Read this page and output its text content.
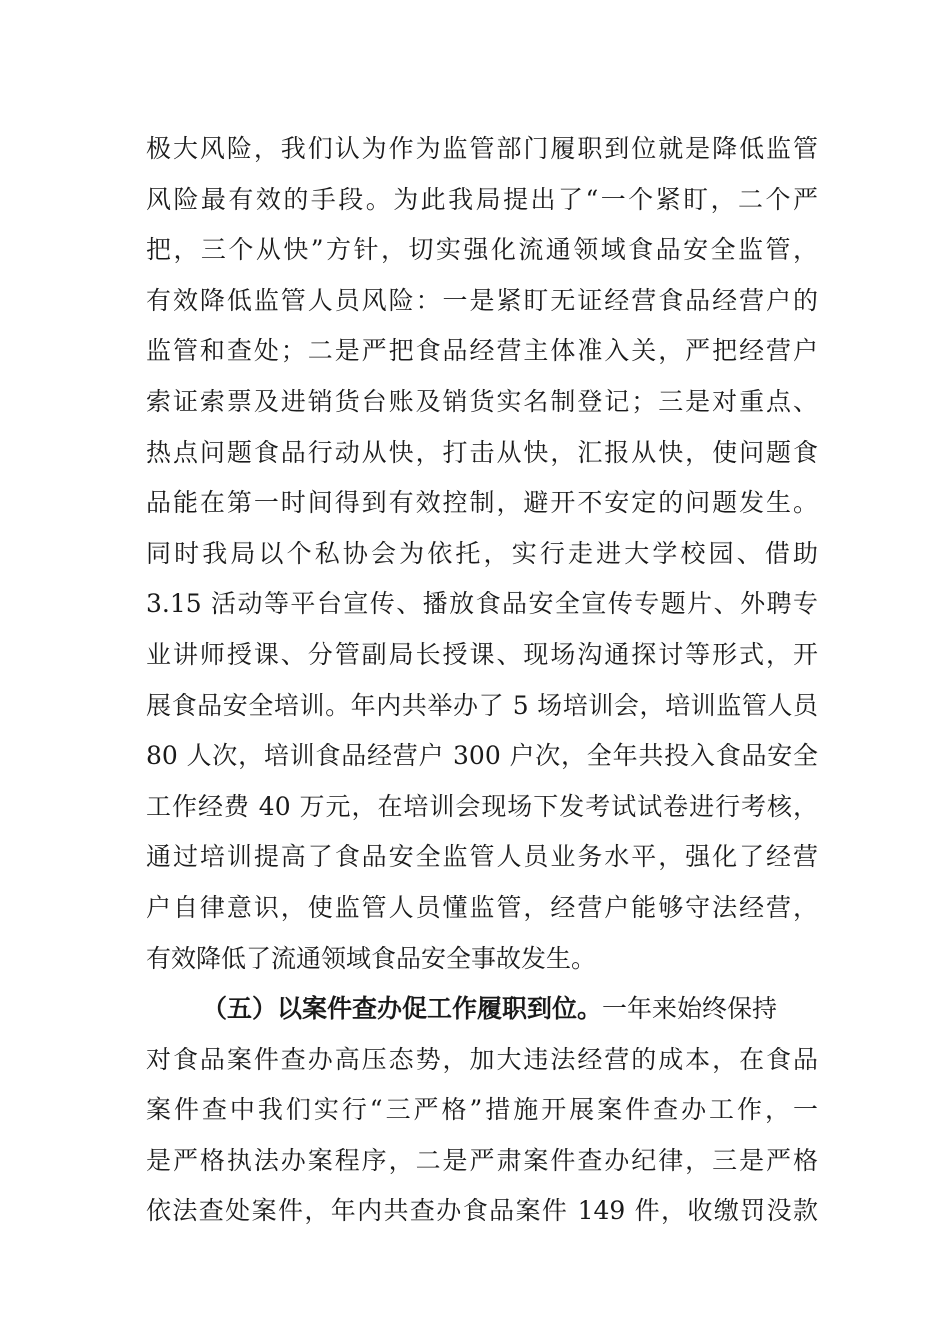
极大风险，我们认为作为监管部门履职到位就是降低监管
风险最有效的手段。为此我局提出了“一个紧盯，二个严
把，三个从快”方针，切实强化流通领域食品安全监管，
有效降低监管人员风险：一是紧盯无证经营食品经营户的
监管和查处；二是严把食品经营主体准入关，严把经营户
索证索票及进销货台账及销货实名制登记；三是对重点、
热点问题食品行动从快，打击从快，汇报从快，使问题食
品能在第一时间得到有效控制，避开不安定的问题发生。
同时我局以个私协会为依托，实行走进大学校园、借助
3.15 活动等平台宣传、播放食品安全宣传专题片、外聘专
业讲师授课、分管副局长授课、现场沟通探讨等形式，开
展食品安全培训。年内共举办了 5 场培训会，培训监管人员
80 人次，培训食品经营户 300 户次，全年共投入食品安全
工作经费 40 万元，在培训会现场下发考试试卷进行考核，
通过培训提高了食品安全监管人员业务水平，强化了经营
户自律意识，使监管人员懂监管，经营户能够守法经营，
有效降低了流通领域食品安全事故发生。
（五）以案件查办促工作履职到位。一年来始终保持
对食品案件查办高压态势，加大违法经营的成本，在食品
案件查中我们实行“三严格”措施开展案件查办工作，一
是严格执法办案程序，二是严肃案件查办纪律，三是严格
依法查处案件，年内共查办食品案件 149 件，收缴罚没款
